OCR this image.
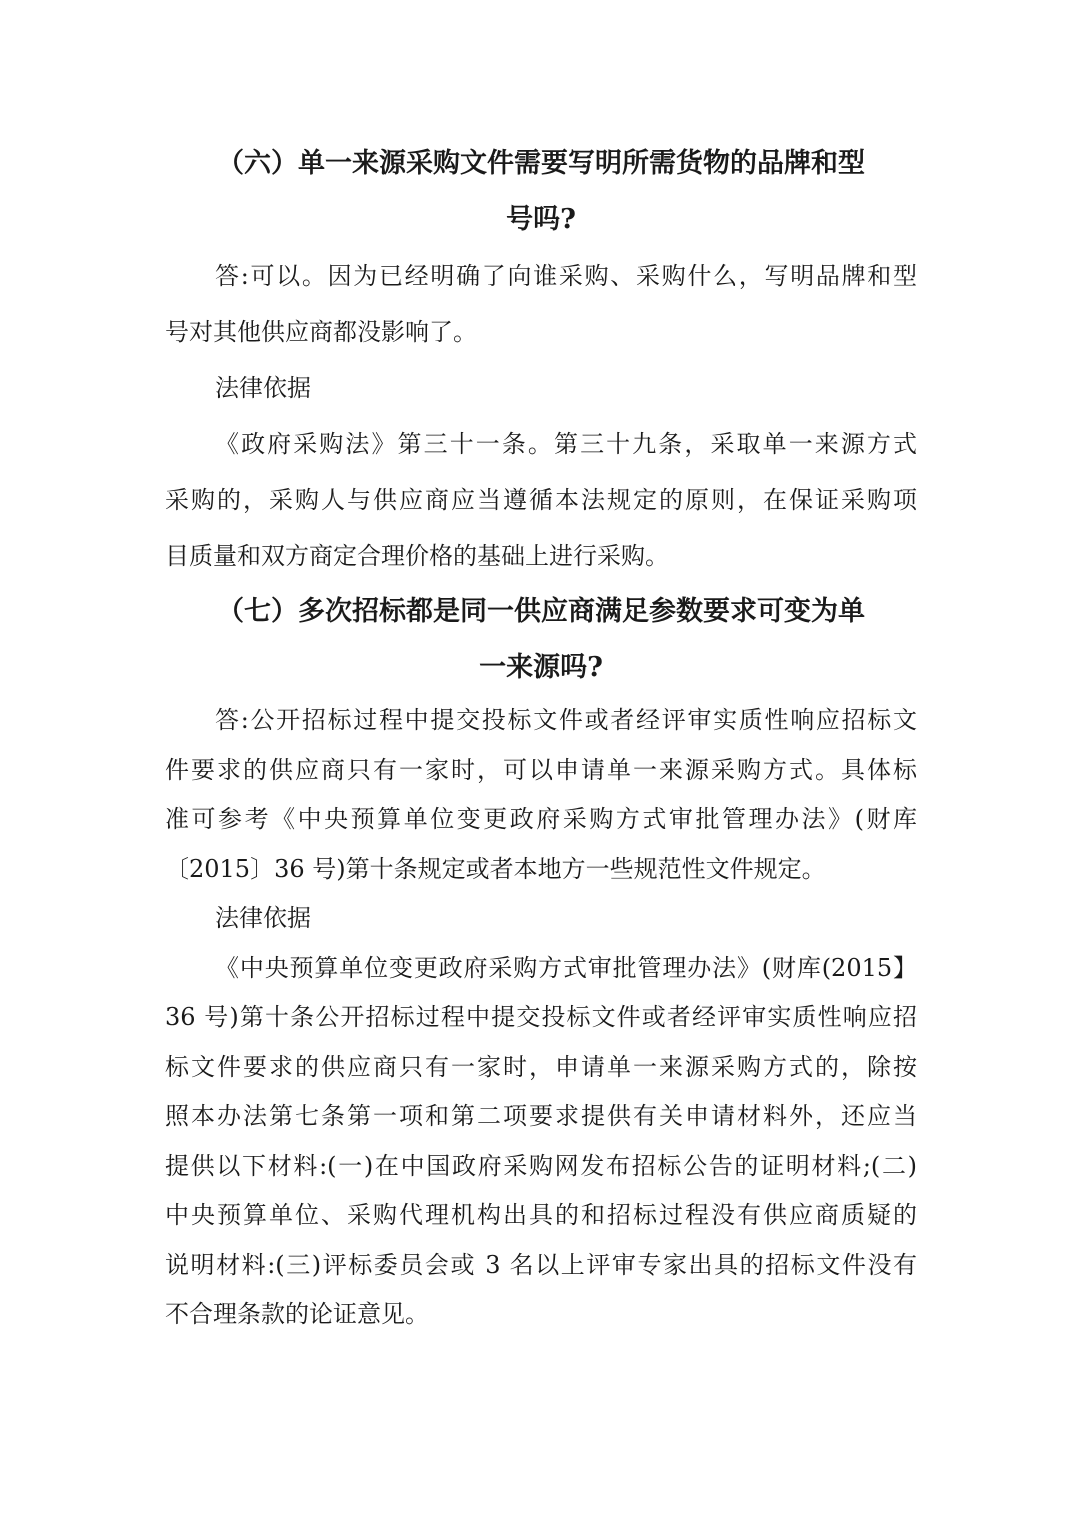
（六）单一来源采购文件需要写明所需货物的品牌和型
号吗?
答:可以。因为已经明确了向谁采购、采购什么，写明品牌和型
号对其他供应商都没影响了。
法律依据
《政府采购法》第三十一条。第三十九条，采取单一来源方式
采购的，采购人与供应商应当遵循本法规定的原则，在保证采购项
目质量和双方商定合理价格的基础上进行采购。
（七）多次招标都是同一供应商满足参数要求可变为单
一来源吗?
答:公开招标过程中提交投标文件或者经评审实质性响应招标文
件要求的供应商只有一家时，可以申请单一来源采购方式。具体标
准可参考《中央预算单位变更政府采购方式审批管理办法》(财库
〔2015〕36 号)第十条规定或者本地方一些规范性文件规定。
法律依据
《中央预算单位变更政府采购方式审批管理办法》(财库(2015】
36 号)第十条公开招标过程中提交投标文件或者经评审实质性响应招
标文件要求的供应商只有一家时，申请单一来源采购方式的，除按
照本办法第七条第一项和第二项要求提供有关申请材料外，还应当
提供以下材料:(一)在中国政府采购网发布招标公告的证明材料;(二)
中央预算单位、采购代理机构出具的和招标过程没有供应商质疑的
说明材料:(三)评标委员会或 3 名以上评审专家出具的招标文件没有
不合理条款的论证意见。
